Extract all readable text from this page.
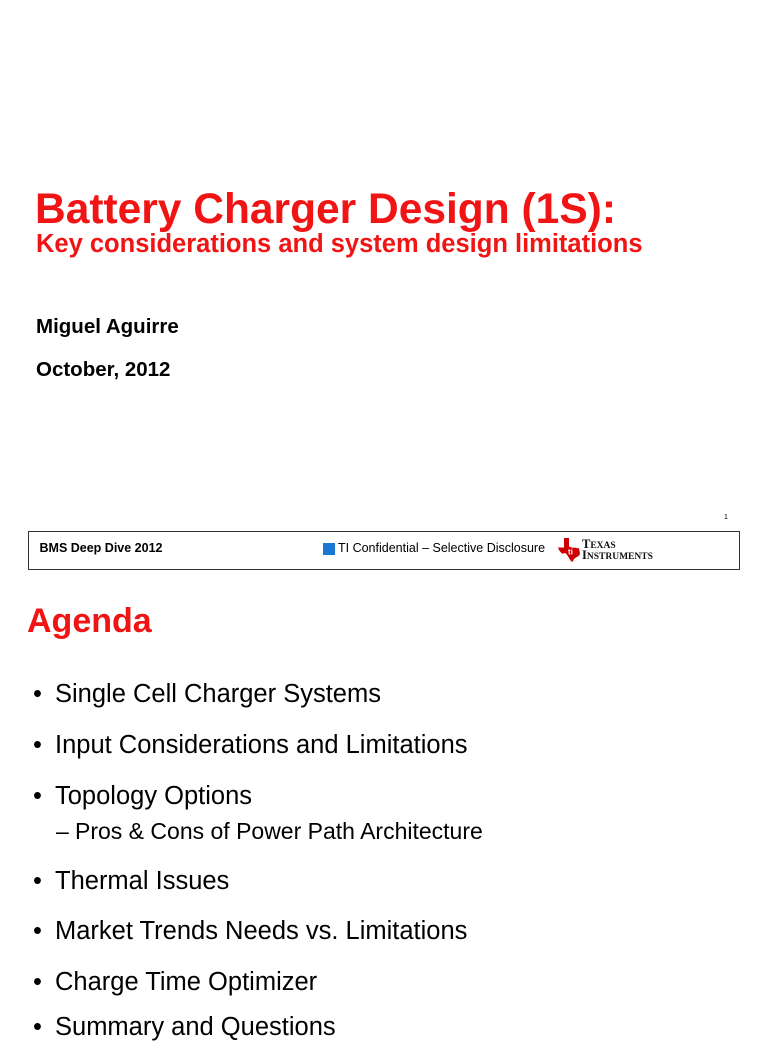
Battery Charger Design (1S):
Key considerations and system design limitations
Miguel Aguirre
October, 2012
1
BMS Deep Dive 2012	TI Confidential – Selective Disclosure	ti
TEXAS
INSTRUMENTS
Agenda
• Single Cell Charger Systems
• Input Considerations and Limitations
• Topology Options
– Pros & Cons of Power Path Architecture
• Thermal Issues
• Market Trends Needs vs. Limitations
• Charge Time Optimizer
• Summary and Questions
